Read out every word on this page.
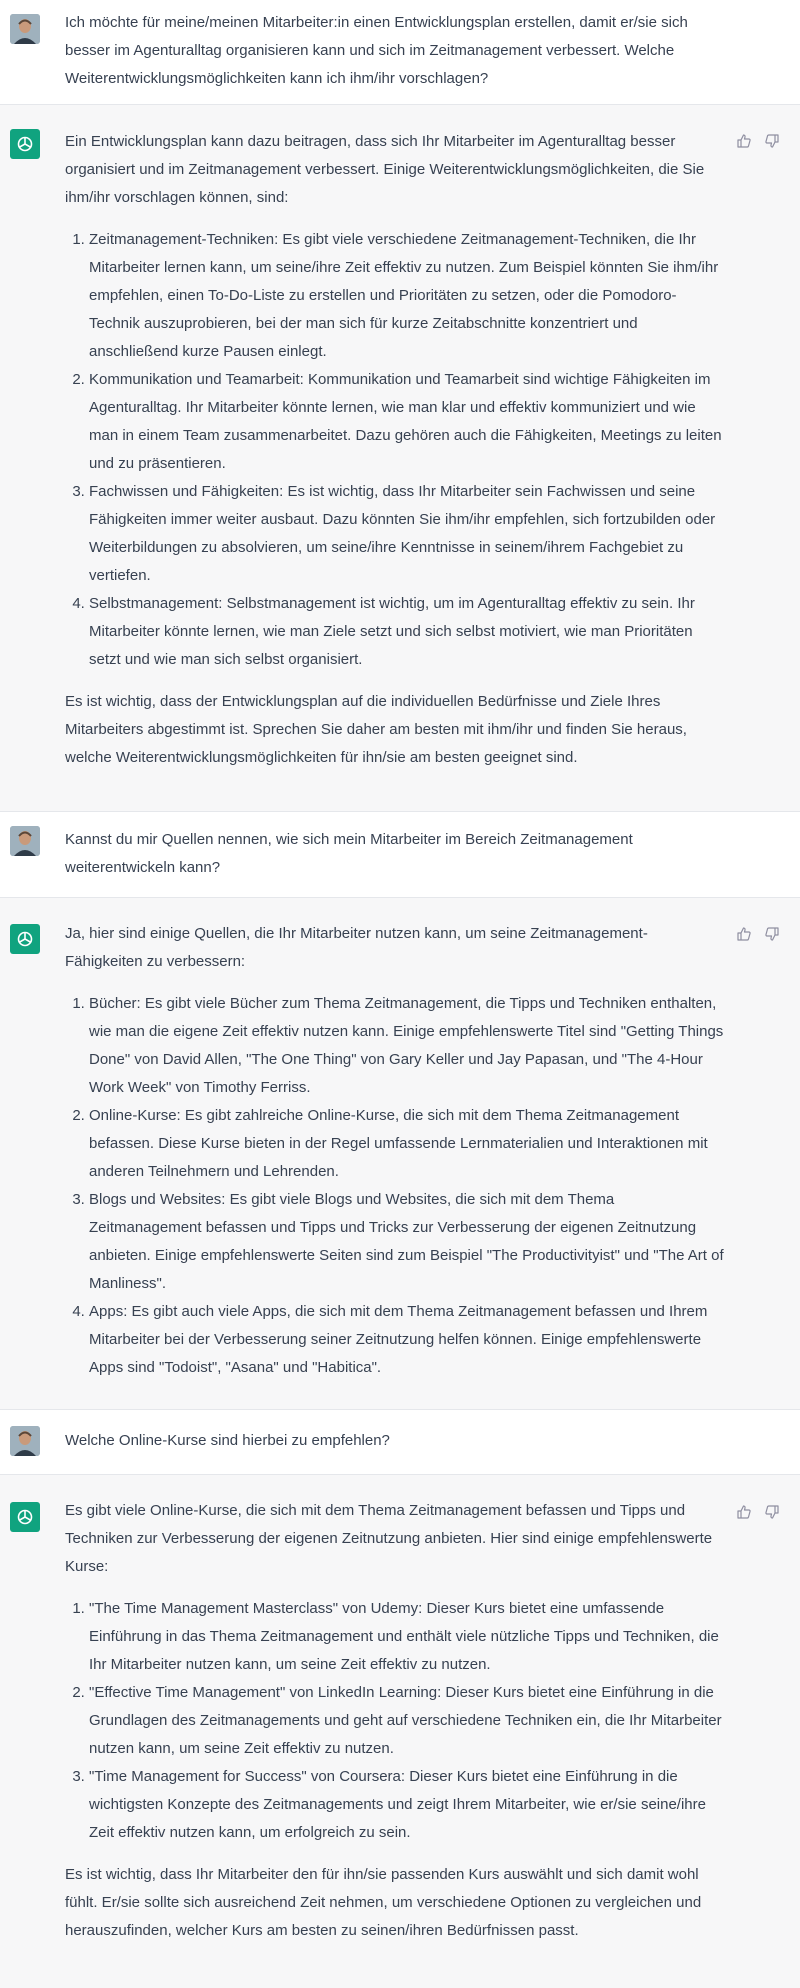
Ich möchte für meine/meinen Mitarbeiter:in einen Entwicklungsplan erstellen, damit er/sie sich besser im Agenturalltag organisieren kann und sich im Zeitmanagement verbessert. Welche Weiterentwicklungsmöglichkeiten kann ich ihm/ihr vorschlagen?

Ein Entwicklungsplan kann dazu beitragen, dass sich Ihr Mitarbeiter im Agenturalltag besser organisiert und im Zeitmanagement verbessert. Einige Weiterentwicklungsmöglichkeiten, die Sie ihm/ihr vorschlagen können, sind:

1. Zeitmanagement-Techniken: Es gibt viele verschiedene Zeitmanagement-Techniken, die Ihr Mitarbeiter lernen kann, um seine/ihre Zeit effektiv zu nutzen. Zum Beispiel könnten Sie ihm/ihr empfehlen, einen To-Do-Liste zu erstellen und Prioritäten zu setzen, oder die Pomodoro-Technik auszuprobieren, bei der man sich für kurze Zeitabschnitte konzentriert und anschließend kurze Pausen einlegt.
2. Kommunikation und Teamarbeit: Kommunikation und Teamarbeit sind wichtige Fähigkeiten im Agenturalltag. Ihr Mitarbeiter könnte lernen, wie man klar und effektiv kommuniziert und wie man in einem Team zusammenarbeitet. Dazu gehören auch die Fähigkeiten, Meetings zu leiten und zu präsentieren.
3. Fachwissen und Fähigkeiten: Es ist wichtig, dass Ihr Mitarbeiter sein Fachwissen und seine Fähigkeiten immer weiter ausbaut. Dazu könnten Sie ihm/ihr empfehlen, sich fortzubilden oder Weiterbildungen zu absolvieren, um seine/ihre Kenntnisse in seinem/ihrem Fachgebiet zu vertiefen.
4. Selbstmanagement: Selbstmanagement ist wichtig, um im Agenturalltag effektiv zu sein. Ihr Mitarbeiter könnte lernen, wie man Ziele setzt und sich selbst motiviert, wie man Prioritäten setzt und wie man sich selbst organisiert.

Es ist wichtig, dass der Entwicklungsplan auf die individuellen Bedürfnisse und Ziele Ihres Mitarbeiters abgestimmt ist. Sprechen Sie daher am besten mit ihm/ihr und finden Sie heraus, welche Weiterentwicklungsmöglichkeiten für ihn/sie am besten geeignet sind.

Kannst du mir Quellen nennen, wie sich mein Mitarbeiter im Bereich Zeitmanagement weiterentwickeln kann?

Ja, hier sind einige Quellen, die Ihr Mitarbeiter nutzen kann, um seine Zeitmanagement-Fähigkeiten zu verbessern:

1. Bücher: Es gibt viele Bücher zum Thema Zeitmanagement, die Tipps und Techniken enthalten, wie man die eigene Zeit effektiv nutzen kann. Einige empfehlenswerte Titel sind "Getting Things Done" von David Allen, "The One Thing" von Gary Keller und Jay Papasan, und "The 4-Hour Work Week" von Timothy Ferriss.
2. Online-Kurse: Es gibt zahlreiche Online-Kurse, die sich mit dem Thema Zeitmanagement befassen. Diese Kurse bieten in der Regel umfassende Lernmaterialien und Interaktionen mit anderen Teilnehmern und Lehrenden.
3. Blogs und Websites: Es gibt viele Blogs und Websites, die sich mit dem Thema Zeitmanagement befassen und Tipps und Tricks zur Verbesserung der eigenen Zeitnutzung anbieten. Einige empfehlenswerte Seiten sind zum Beispiel "The Productivityist" und "The Art of Manliness".
4. Apps: Es gibt auch viele Apps, die sich mit dem Thema Zeitmanagement befassen und Ihrem Mitarbeiter bei der Verbesserung seiner Zeitnutzung helfen können. Einige empfehlenswerte Apps sind "Todoist", "Asana" und "Habitica".

Welche Online-Kurse sind hierbei zu empfehlen?

Es gibt viele Online-Kurse, die sich mit dem Thema Zeitmanagement befassen und Tipps und Techniken zur Verbesserung der eigenen Zeitnutzung anbieten. Hier sind einige empfehlenswerte Kurse:

1. "The Time Management Masterclass" von Udemy: Dieser Kurs bietet eine umfassende Einführung in das Thema Zeitmanagement und enthält viele nützliche Tipps und Techniken, die Ihr Mitarbeiter nutzen kann, um seine Zeit effektiv zu nutzen.
2. "Effective Time Management" von LinkedIn Learning: Dieser Kurs bietet eine Einführung in die Grundlagen des Zeitmanagements und geht auf verschiedene Techniken ein, die Ihr Mitarbeiter nutzen kann, um seine Zeit effektiv zu nutzen.
3. "Time Management for Success" von Coursera: Dieser Kurs bietet eine Einführung in die wichtigsten Konzepte des Zeitmanagements und zeigt Ihrem Mitarbeiter, wie er/sie seine/ihre Zeit effektiv nutzen kann, um erfolgreich zu sein.

Es ist wichtig, dass Ihr Mitarbeiter den für ihn/sie passenden Kurs auswählt und sich damit wohl fühlt. Er/sie sollte sich ausreichend Zeit nehmen, um verschiedene Optionen zu vergleichen und herauszufinden, welcher Kurs am besten zu seinen/ihren Bedürfnissen passt.
